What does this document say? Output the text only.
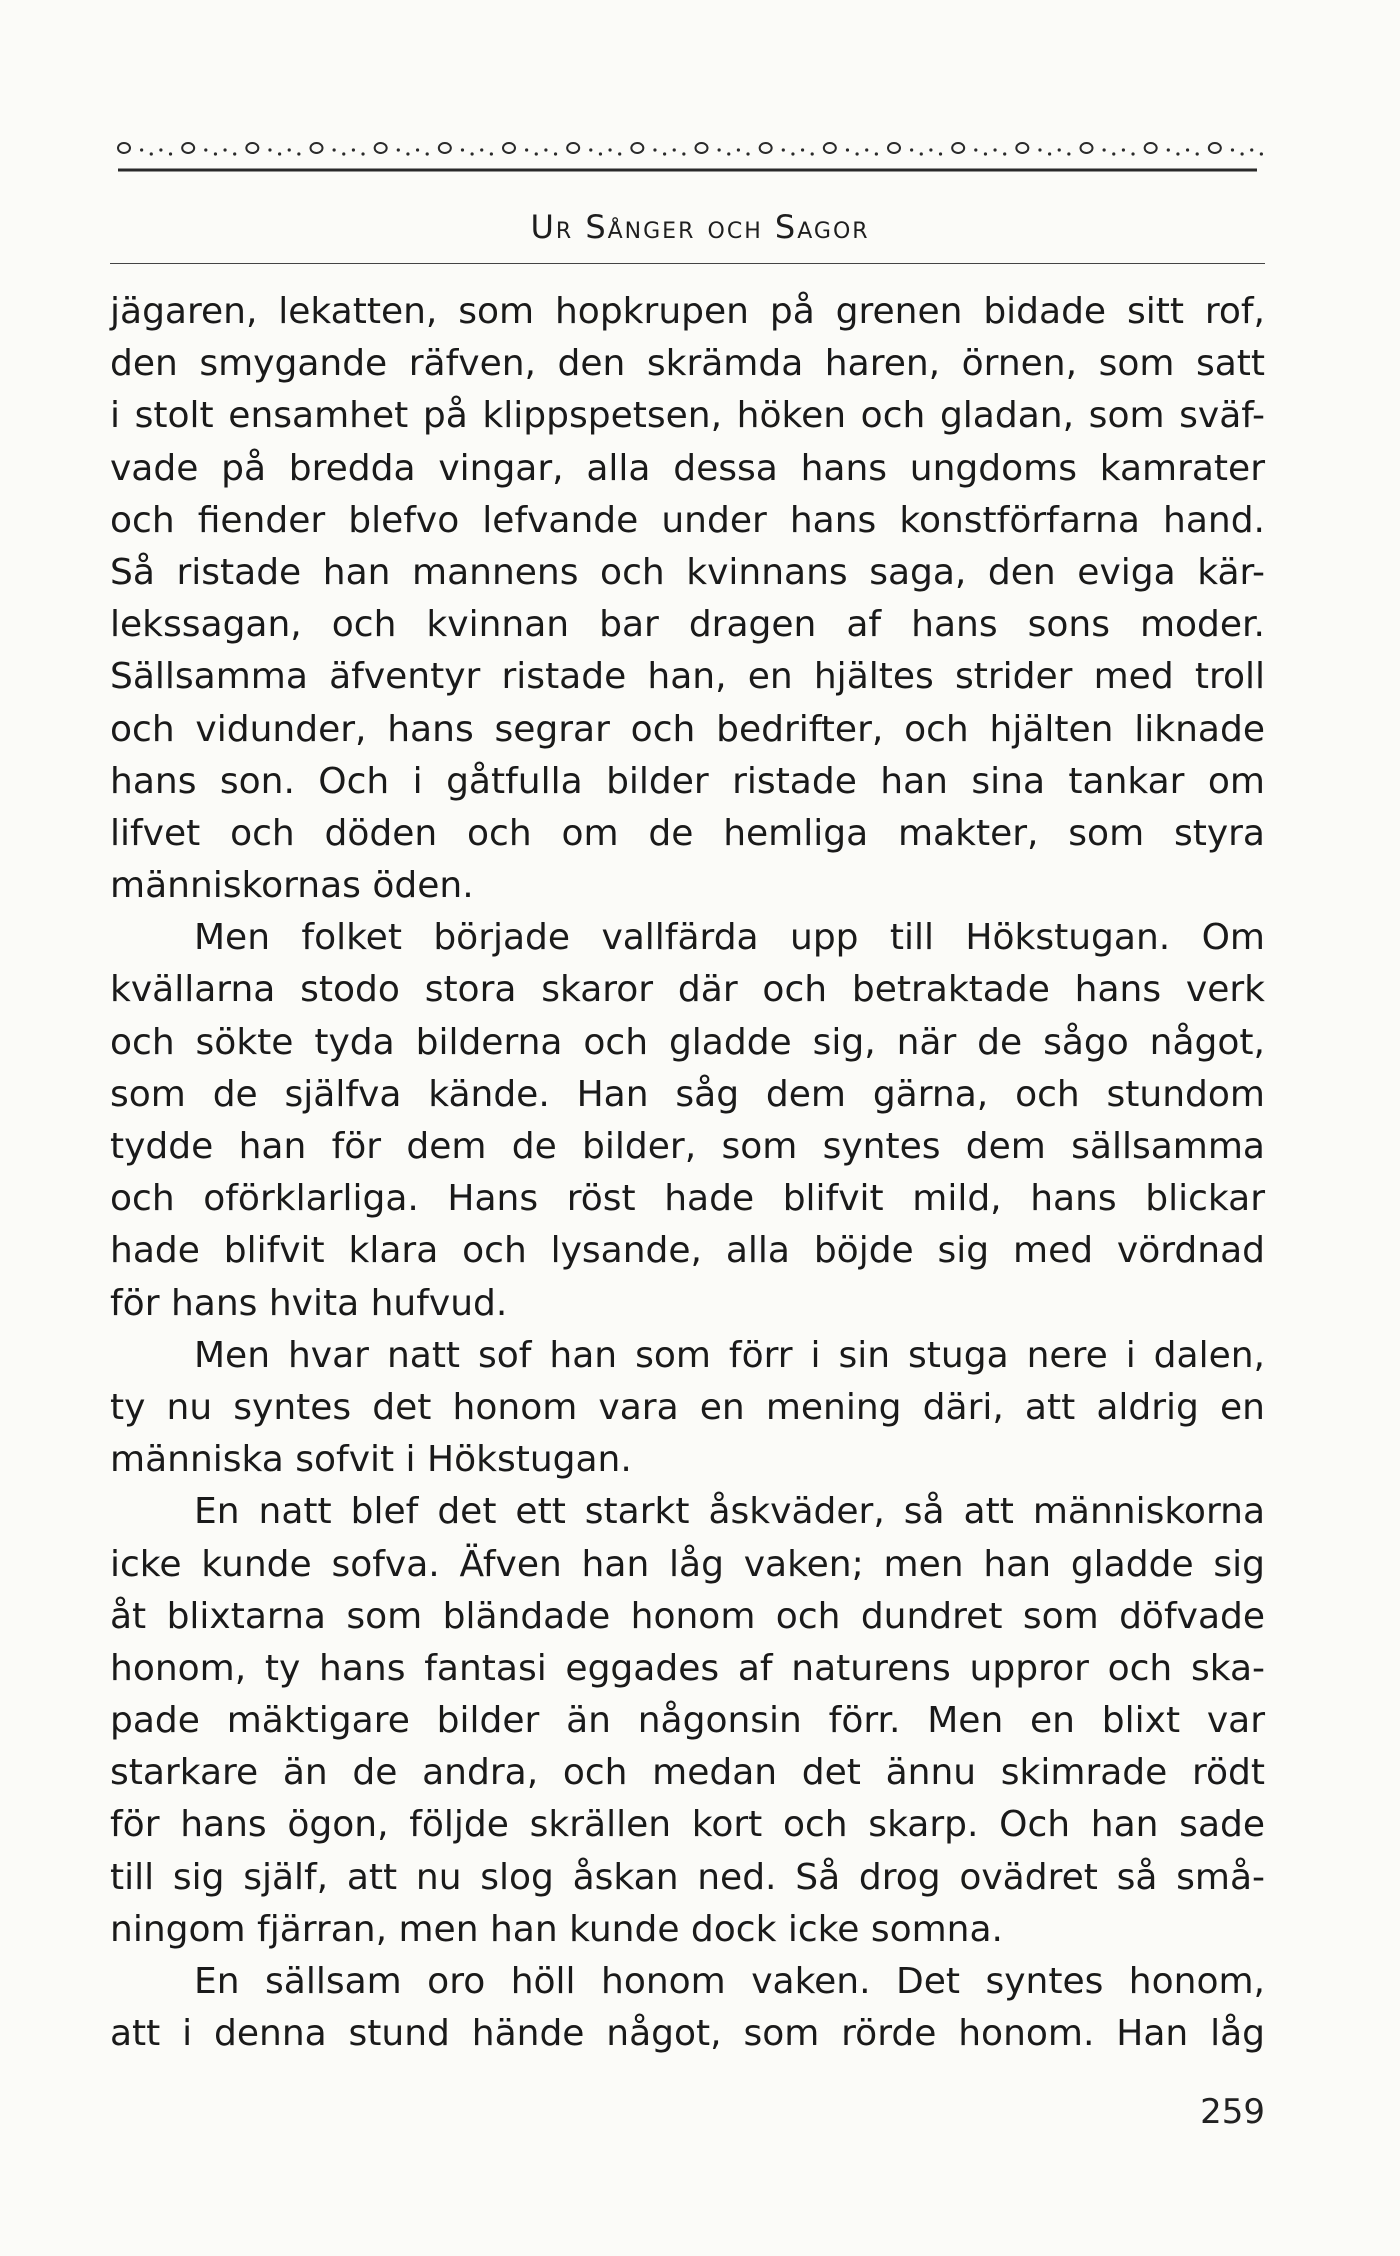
Ur Sånger och Sagor
jägaren, lekatten, som hopkrupen på grenen bidade sitt rof,
den smygande räfven, den skrämda haren, örnen, som satt
i stolt ensamhet på klippspetsen, höken och gladan, som sväf-
vade på bredda vingar, alla dessa hans ungdoms kamrater
och fiender blefvo lefvande under hans konstförfarna hand.
Så ristade han mannens och kvinnans saga, den eviga kär-
lekssagan, och kvinnan bar dragen af hans sons moder.
Sällsamma äfventyr ristade han, en hjältes strider med troll
och vidunder, hans segrar och bedrifter, och hjälten liknade
hans son. Och i gåtfulla bilder ristade han sina tankar om
lifvet och döden och om de hemliga makter, som styra
människornas öden.
Men folket började vallfärda upp till Hökstugan. Om
kvällarna stodo stora skaror där och betraktade hans verk
och sökte tyda bilderna och gladde sig, när de sågo något,
som de själfva kände. Han såg dem gärna, och stundom
tydde han för dem de bilder, som syntes dem sällsamma
och oförklarliga. Hans röst hade blifvit mild, hans blickar
hade blifvit klara och lysande, alla böjde sig med vördnad
för hans hvita hufvud.
Men hvar natt sof han som förr i sin stuga nere i dalen,
ty nu syntes det honom vara en mening däri, att aldrig en
människa sofvit i Hökstugan.
En natt blef det ett starkt åskväder, så att människorna
icke kunde sofva. Äfven han låg vaken; men han gladde sig
åt blixtarna som bländade honom och dundret som döfvade
honom, ty hans fantasi eggades af naturens uppror och ska-
pade mäktigare bilder än någonsin förr. Men en blixt var
starkare än de andra, och medan det ännu skimrade rödt
för hans ögon, följde skrällen kort och skarp. Och han sade
till sig själf, att nu slog åskan ned. Så drog ovädret så små-
ningom fjärran, men han kunde dock icke somna.
En sällsam oro höll honom vaken. Det syntes honom,
att i denna stund hände något, som rörde honom. Han låg
259
